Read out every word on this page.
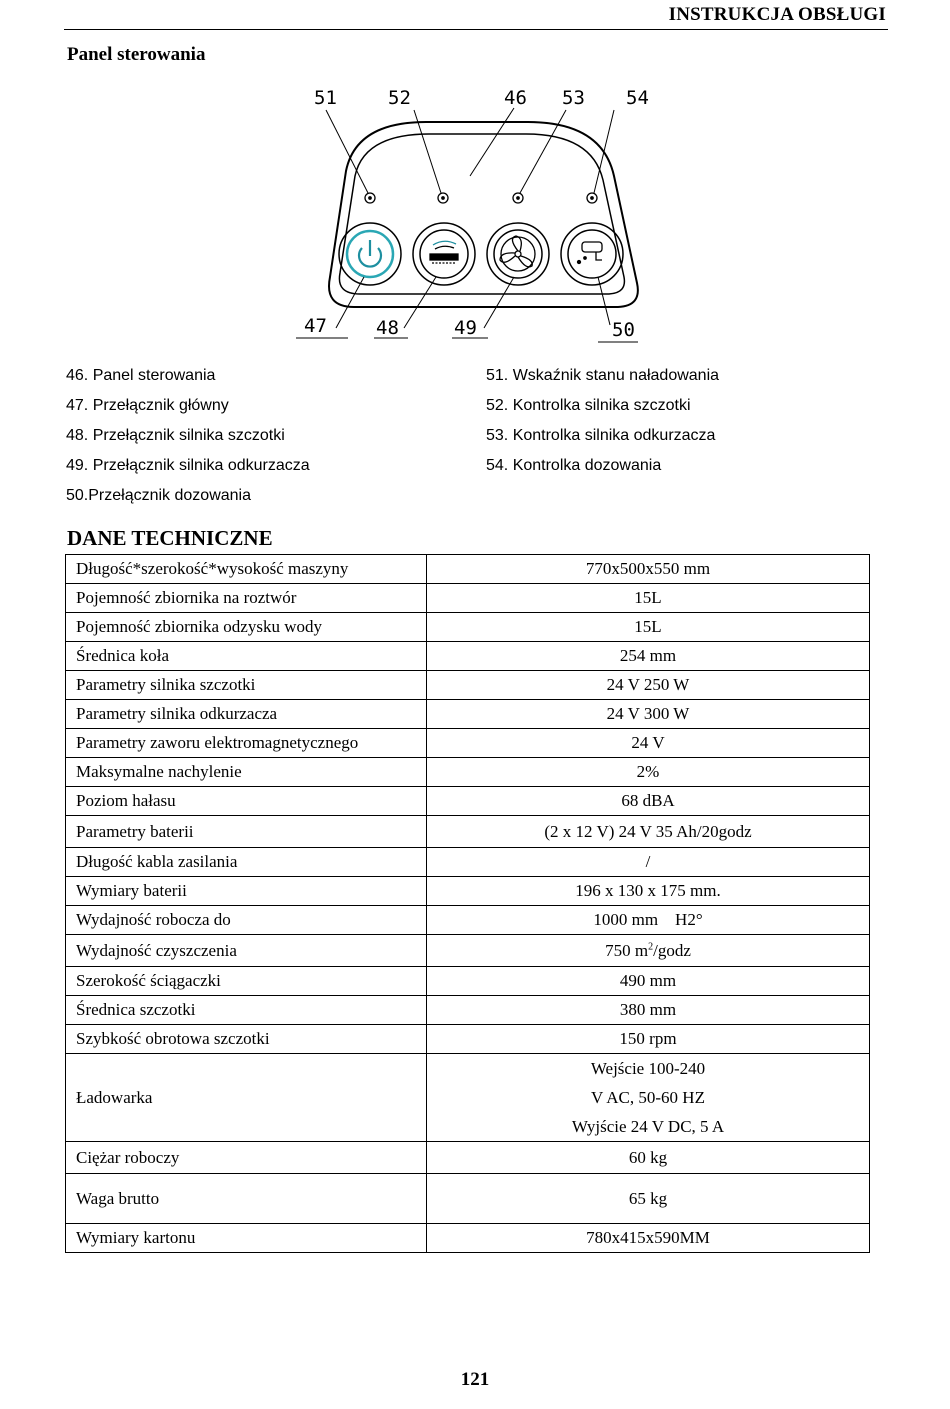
INSTRUKCJA OBSŁUGI
Panel sterowania
51	52	46 53 54
47	48	49	50
46. Panel sterowania
47. Przełącznik główny
48. Przełącznik silnika szczotki
49. Przełącznik silnika odkurzacza
50.Przełącznik dozowania
51. Wskaźnik stanu naładowania
52. Kontrolka silnika szczotki
53. Kontrolka silnika odkurzacza
54. Kontrolka dozowania
DANE TECHNICZNE
Długość*szerokość*wysokość maszyny	770x500x550 mm
Pojemność zbiornika na roztwór	15L
Pojemność zbiornika odzysku wody	15L
Średnica koła	254 mm
Parametry silnika szczotki	24 V 250 W
Parametry silnika odkurzacza	24 V 300 W
Parametry zaworu elektromagnetycznego	24 V
Maksymalne nachylenie	2%
Poziom hałasu	68 dBA
Parametry baterii	(2 x 12 V) 24 V 35 Ah/20godz
Długość kabla zasilania	/
Wymiary baterii	196 x 130 x 175 mm.
Wydajność robocza do	1000 mm    H2°
Wydajność czyszczenia	750 $m^2$/godz
Szerokość ściągaczki	490 mm
Średnica szczotki	380 mm
Szybkość obrotowa szczotki	150 rpm
Ładowarka	Wejście 100-240
V AC, 50-60 HZ
Wyjście 24 V DC, 5 A

Ciężar roboczy	60 kg
Waga brutto	65 kg
Wymiary kartonu	780x415x590MM
121
